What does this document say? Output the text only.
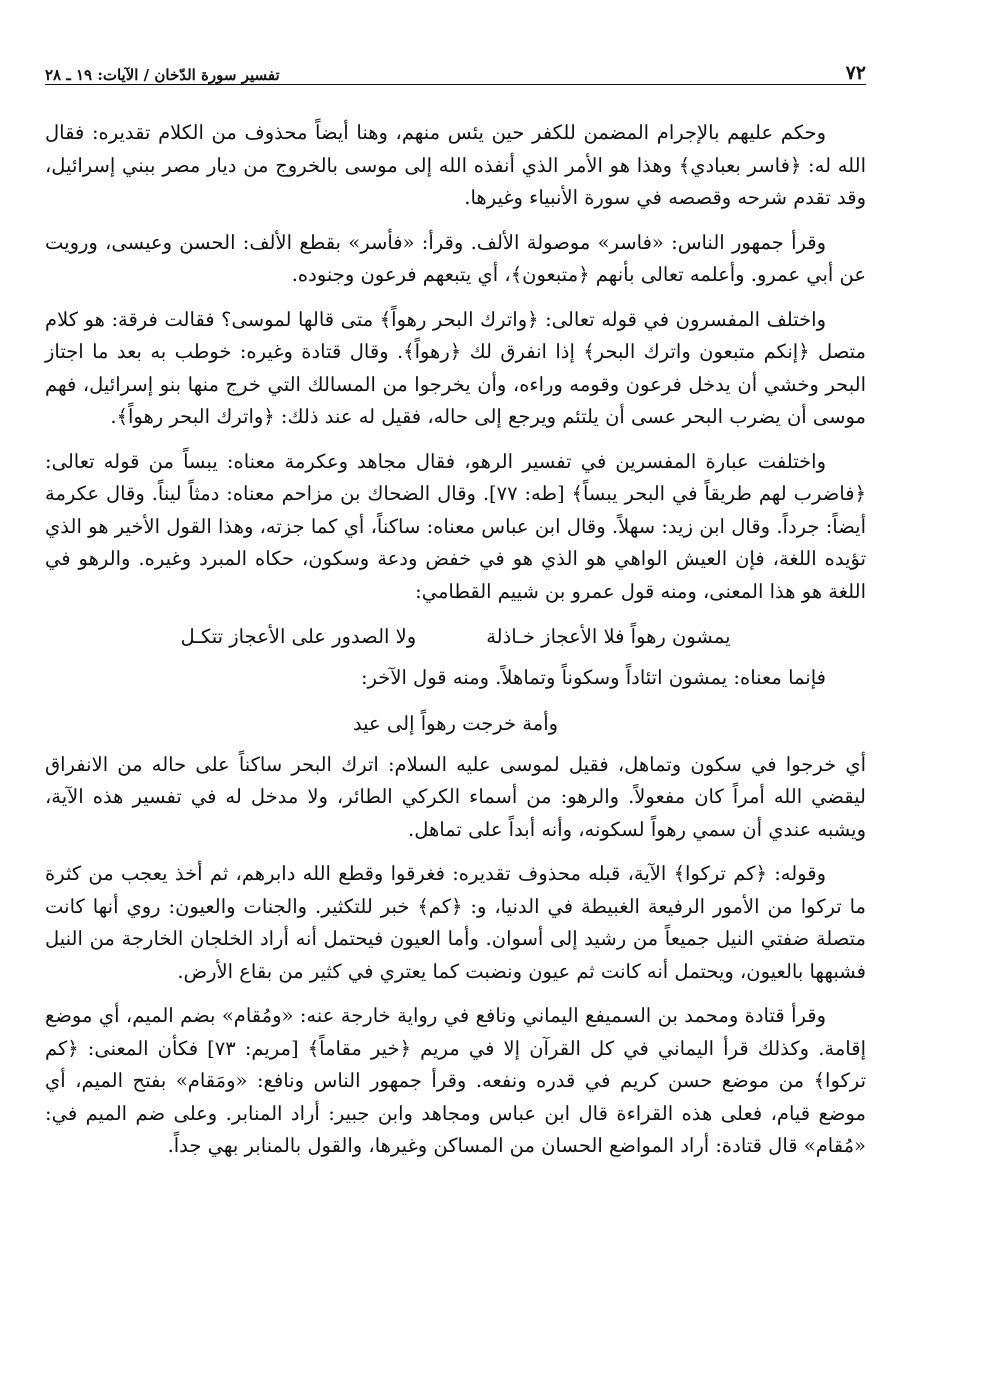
٧٢
تفسير سورة الدّخان / الآيات: ١٩ ـ ٢٨

وحكم عليهم بالإجرام المضمن للكفر حين يئس منهم، وهنا أيضاً محذوف من الكلام تقديره: فقال الله له: ﴿فاسر بعبادي﴾ وهذا هو الأمر الذي أنفذه الله إلى موسى بالخروج من ديار مصر ببني إسرائيل، وقد تقدم شرحه وقصصه في سورة الأنبياء وغيرها.

وقرأ جمهور الناس: «فاسر» موصولة الألف. وقرأ: «فأسر» بقطع الألف: الحسن وعيسى، ورويت عن أبي عمرو. وأعلمه تعالى بأنهم ﴿متبعون﴾، أي يتبعهم فرعون وجنوده.

واختلف المفسرون في قوله تعالى: ﴿واترك البحر رهواً﴾ متى قالها لموسى؟ فقالت فرقة: هو كلام متصل ﴿إنكم متبعون واترك البحر﴾ إذا انفرق لك ﴿رهواً﴾. وقال قتادة وغيره: خوطب به بعد ما اجتاز البحر وخشي أن يدخل فرعون وقومه وراءه، وأن يخرجوا من المسالك التي خرج منها بنو إسرائيل، فهم موسى أن يضرب البحر عسى أن يلتئم ويرجع إلى حاله، فقيل له عند ذلك: ﴿واترك البحر رهواً﴾.

واختلفت عبارة المفسرين في تفسير الرهو، فقال مجاهد وعكرمة معناه: يبساً من قوله تعالى: ﴿فاضرب لهم طريقاً في البحر يبساً﴾ [طه: ٧٧]. وقال الضحاك بن مزاحم معناه: دمثاً ليناً. وقال عكرمة أيضاً: جرداً. وقال ابن زيد: سهلاً. وقال ابن عباس معناه: ساكناً، أي كما جزته، وهذا القول الأخير هو الذي تؤيده اللغة، فإن العيش الواهي هو الذي هو في خفض ودعة وسكون، حكاه المبرد وغيره. والرهو في اللغة هو هذا المعنى، ومنه قول عمرو بن شييم القطامي:

يمشون رهواً فلا الأعجاز خـاذلة
ولا الصدور على الأعجاز تتكـل

فإنما معناه: يمشون اتئاداً وسكوناً وتماهلاً. ومنه قول الآخر:

وأمة خرجت رهواً إلى عيد

أي خرجوا في سكون وتماهل، فقيل لموسى عليه السلام: اترك البحر ساكناً على حاله من الانفراق ليقضي الله أمراً كان مفعولاً. والرهو: من أسماء الكركي الطائر، ولا مدخل له في تفسير هذه الآية، ويشبه عندي أن سمي رهواً لسكونه، وأنه أبداً على تماهل.

وقوله: ﴿كم تركوا﴾ الآية، قبله محذوف تقديره: فغرقوا وقطع الله دابرهم، ثم أخذ يعجب من كثرة ما تركوا من الأمور الرفيعة الغبيطة في الدنيا، و: ﴿كم﴾ خبر للتكثير. والجنات والعيون: روي أنها كانت متصلة ضفتي النيل جميعاً من رشيد إلى أسوان. وأما العيون فيحتمل أنه أراد الخلجان الخارجة من النيل فشبهها بالعيون، ويحتمل أنه كانت ثم عيون ونضبت كما يعتري في كثير من بقاع الأرض.

وقرأ قتادة ومحمد بن السميفع اليماني ونافع في رواية خارجة عنه: «ومُقام» بضم الميم، أي موضع إقامة. وكذلك قرأ اليماني في كل القرآن إلا في مريم ﴿خير مقاماً﴾ [مريم: ٧٣] فكأن المعنى: ﴿كم تركوا﴾ من موضع حسن كريم في قدره ونفعه. وقرأ جمهور الناس ونافع: «ومَقام» بفتح الميم، أي موضع قيام، فعلى هذه القراءة قال ابن عباس ومجاهد وابن جبير: أراد المنابر. وعلى ضم الميم في: «مُقام» قال قتادة: أراد المواضع الحسان من المساكن وغيرها، والقول بالمنابر بهي جداً.
